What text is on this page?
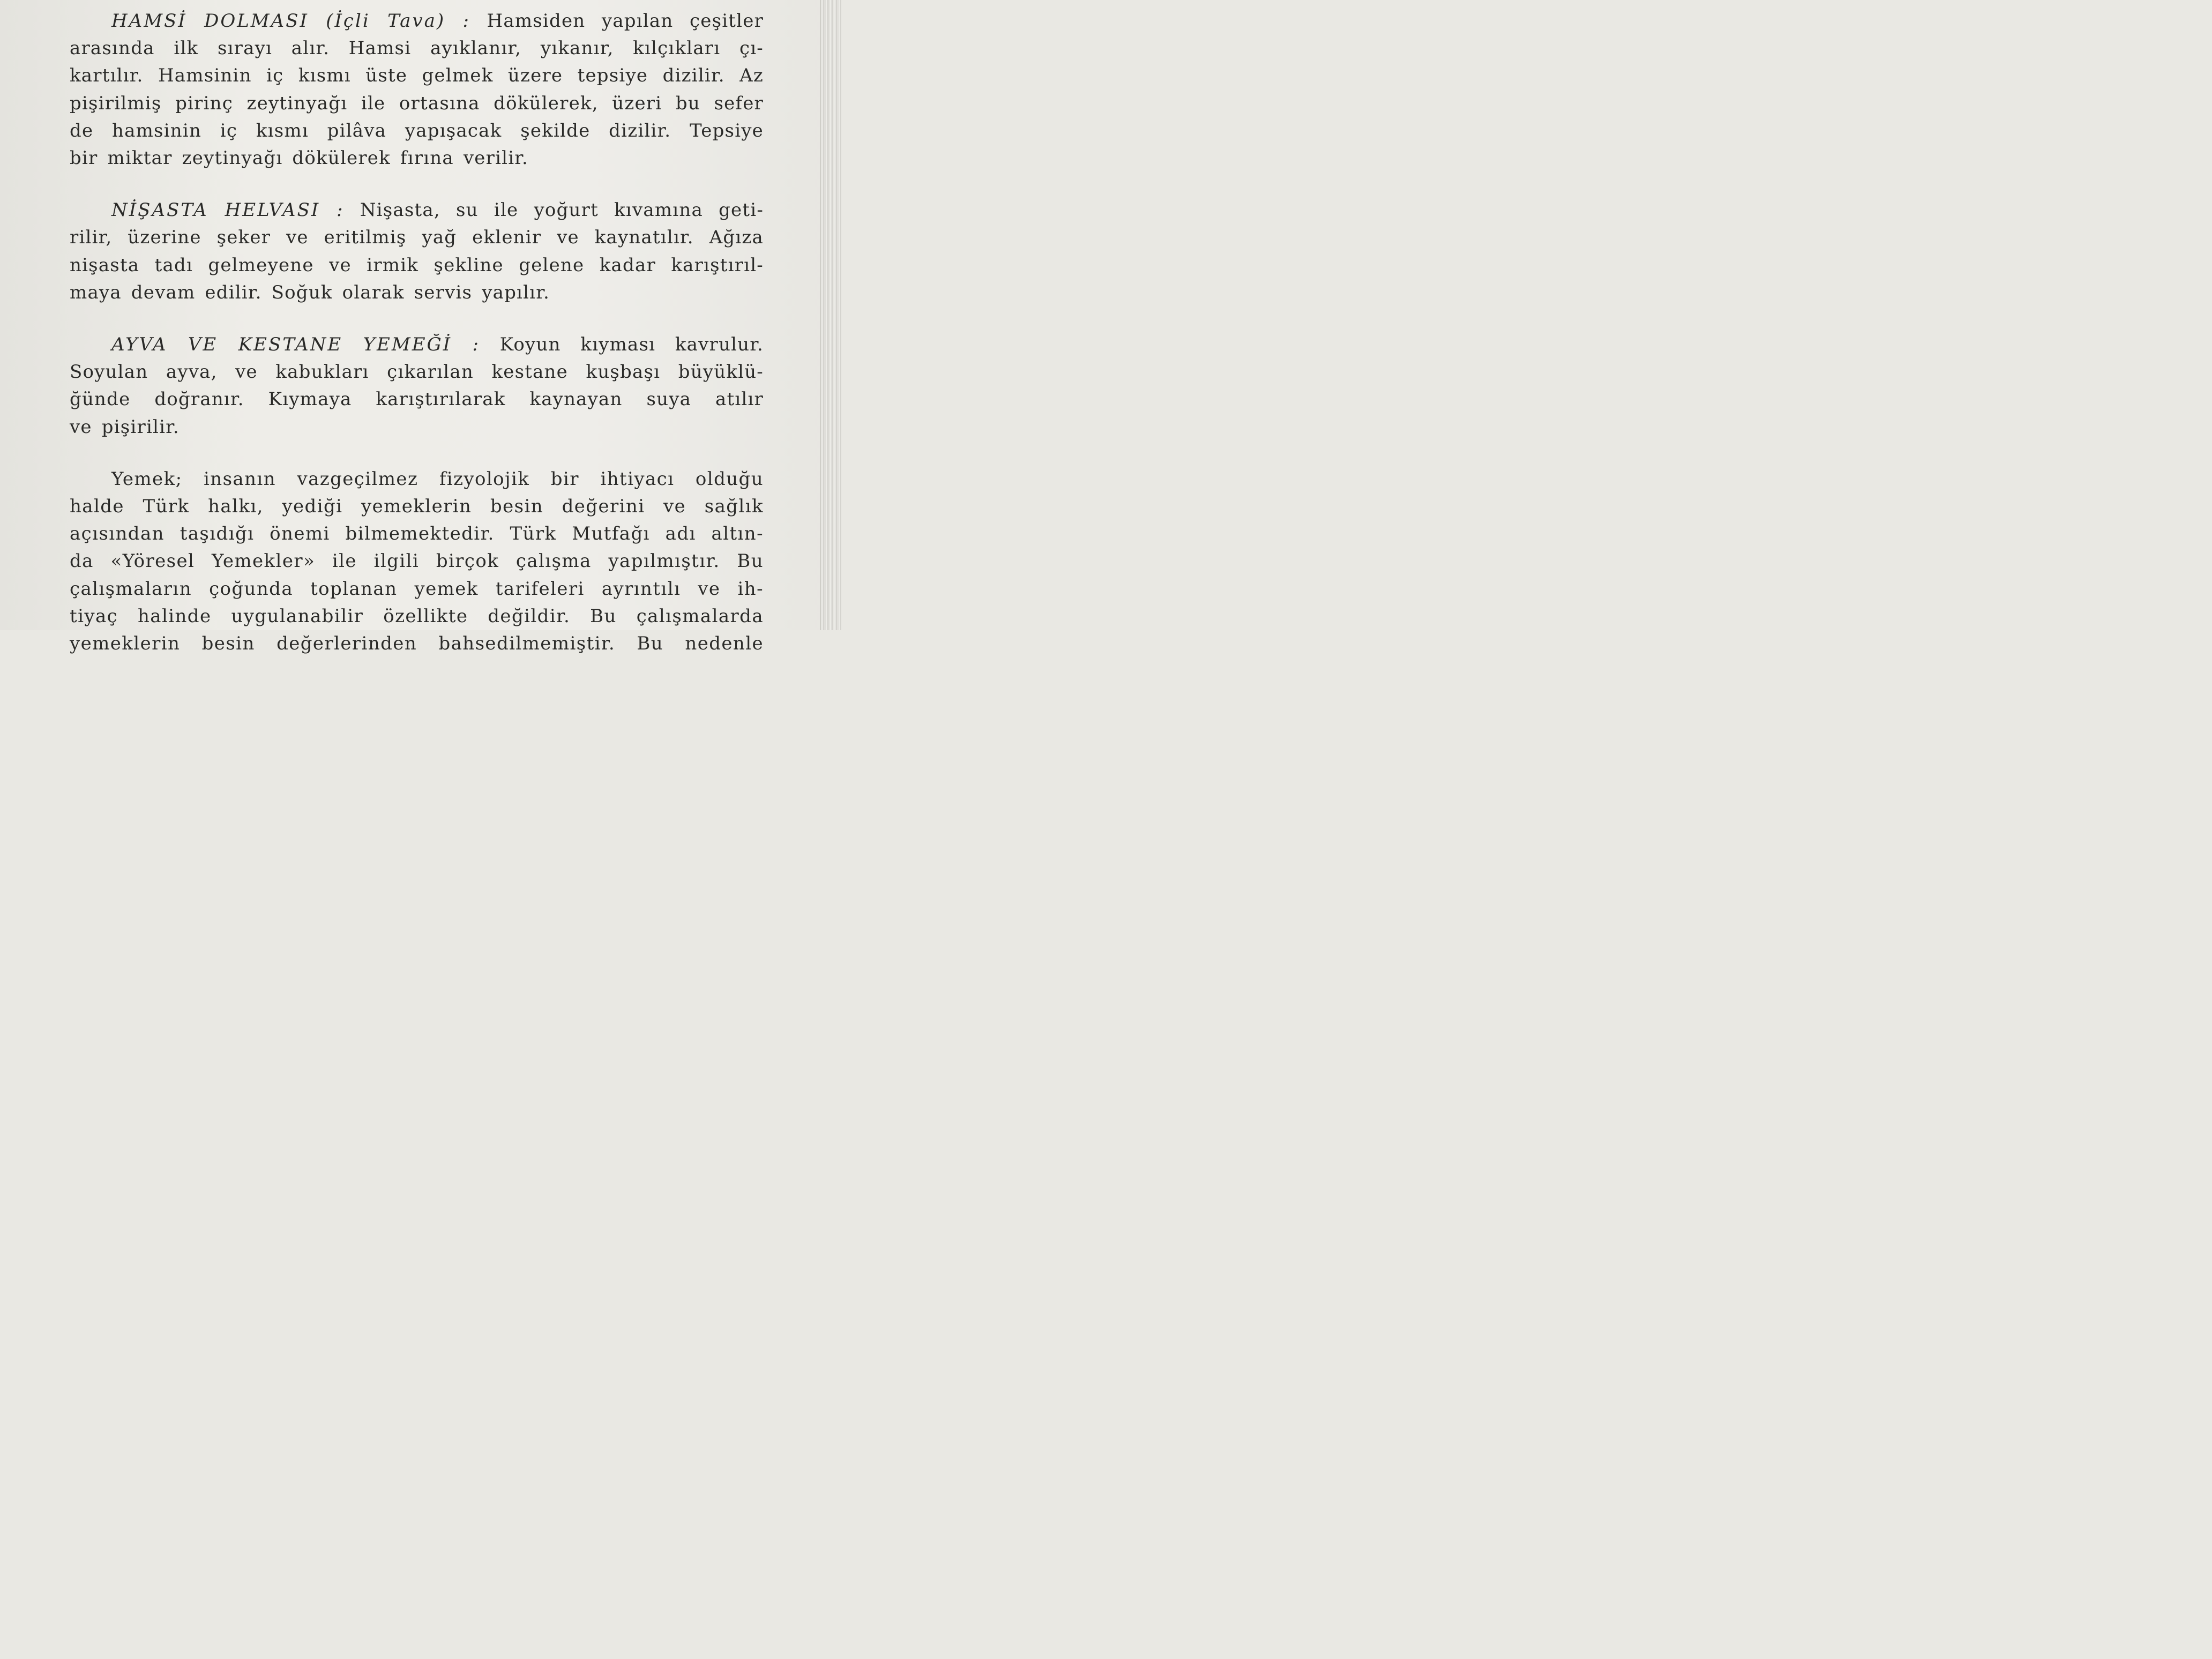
HAMSİ DOLMASI (İçli Tava) : Hamsiden yapılan çeşitler
arasında ilk sırayı alır. Hamsi ayıklanır, yıkanır, kılçıkları çı-
kartılır. Hamsinin iç kısmı üste gelmek üzere tepsiye dizilir. Az
pişirilmiş pirinç zeytinyağı ile ortasına dökülerek, üzeri bu sefer
de hamsinin iç kısmı pilâva yapışacak şekilde dizilir. Tepsiye
bir miktar zeytinyağı dökülerek fırına verilir.
NİŞASTA HELVASI : Nişasta, su ile yoğurt kıvamına geti-
rilir, üzerine şeker ve eritilmiş yağ eklenir ve kaynatılır. Ağıza
nişasta tadı gelmeyene ve irmik şekline gelene kadar karıştırıl-
maya devam edilir. Soğuk olarak servis yapılır.
AYVA VE KESTANE YEMEĞİ : Koyun kıyması kavrulur.
Soyulan ayva, ve kabukları çıkarılan kestane kuşbaşı büyüklü-
ğünde doğranır. Kıymaya karıştırılarak kaynayan suya atılır
ve pişirilir.
Yemek; insanın vazgeçilmez fizyolojik bir ihtiyacı olduğu
halde Türk halkı, yediği yemeklerin besin değerini ve sağlık
açısından taşıdığı önemi bilmemektedir. Türk Mutfağı adı altın-
da «Yöresel Yemekler» ile ilgili birçok çalışma yapılmıştır. Bu
çalışmaların çoğunda toplanan yemek tarifeleri ayrıntılı ve ih-
tiyaç halinde uygulanabilir özellikte değildir. Bu çalışmalarda
yemeklerin besin değerlerinden bahsedilmemiştir. Bu nedenle
